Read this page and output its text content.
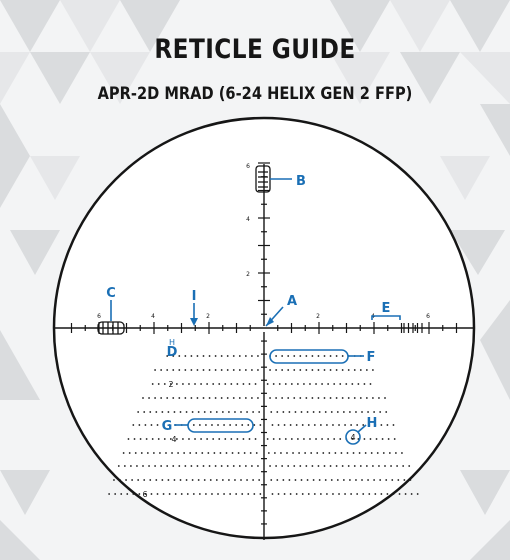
RETICLE GUIDE
APR-2D MRAD (6-24 HELIX GEN 2 FFP)
6	4	2	2	4	6
6
4
2
2
4
6
4
A
B
C
D
E
F
G	H
I
H
